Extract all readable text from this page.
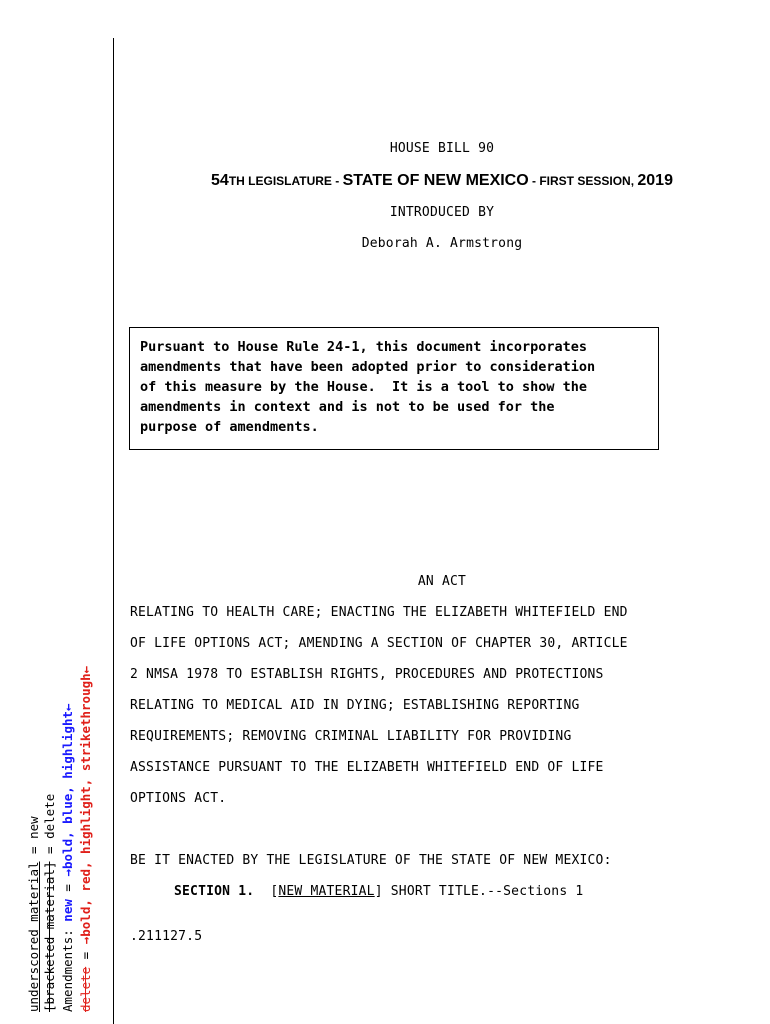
HOUSE BILL 90
54TH LEGISLATURE - STATE OF NEW MEXICO - FIRST SESSION, 2019
INTRODUCED BY
Deborah A. Armstrong
Pursuant to House Rule 24-1, this document incorporates
amendments that have been adopted prior to consideration
of this measure by the House.  It is a tool to show the
amendments in context and is not to be used for the
purpose of amendments.
AN ACT
RELATING TO HEALTH CARE; ENACTING THE ELIZABETH WHITEFIELD END
OF LIFE OPTIONS ACT; AMENDING A SECTION OF CHAPTER 30, ARTICLE
2 NMSA 1978 TO ESTABLISH RIGHTS, PROCEDURES AND PROTECTIONS
RELATING TO MEDICAL AID IN DYING; ESTABLISHING REPORTING
REQUIREMENTS; REMOVING CRIMINAL LIABILITY FOR PROVIDING
ASSISTANCE PURSUANT TO THE ELIZABETH WHITEFIELD END OF LIFE
OPTIONS ACT.
BE IT ENACTED BY THE LEGISLATURE OF THE STATE OF NEW MEXICO:
SECTION 1. [NEW MATERIAL] SHORT TITLE.--Sections 1
.211127.5
underscored material = new
[bracketed material] = delete
Amendments: new = →bold, blue, highlight←
delete = →bold, red, highlight, strikethrough←
